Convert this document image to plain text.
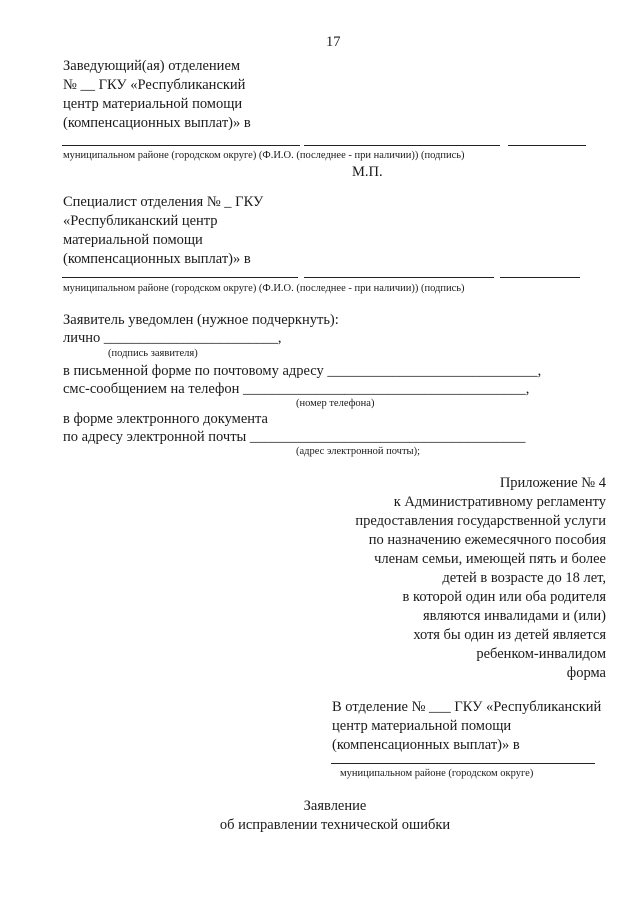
17
Заведующий(ая) отделением
№ __ ГКУ «Республиканский
центр материальной помощи
(компенсационных выплат)» в
муниципальном районе (городском округе) (Ф.И.О. (последнее - при наличии)) (подпись)
М.П.
Специалист отделения № _ ГКУ
«Республиканский центр
материальной помощи
(компенсационных выплат)» в
муниципальном районе (городском округе) (Ф.И.О. (последнее - при наличии)) (подпись)
Заявитель уведомлен (нужное подчеркнуть):
лично ________________________,
(подпись заявителя)
в письменной форме по почтовому адресу _____________________________,
смс-сообщением на телефон _______________________________________,
(номер телефона)
в форме электронного документа
по адресу электронной почты ______________________________________
(адрес электронной почты);
Приложение № 4
к Административному регламенту
предоставления государственной услуги
по назначению ежемесячного пособия
членам семьи, имеющей пять и более
детей в возрасте до 18 лет,
в которой один или оба родителя
являются инвалидами и (или)
хотя бы один из детей является
ребенком-инвалидом
форма
В отделение № ___ ГКУ «Республиканский
центр материальной помощи
(компенсационных выплат)» в
муниципальном районе (городском округе)
Заявление
об исправлении технической ошибки
